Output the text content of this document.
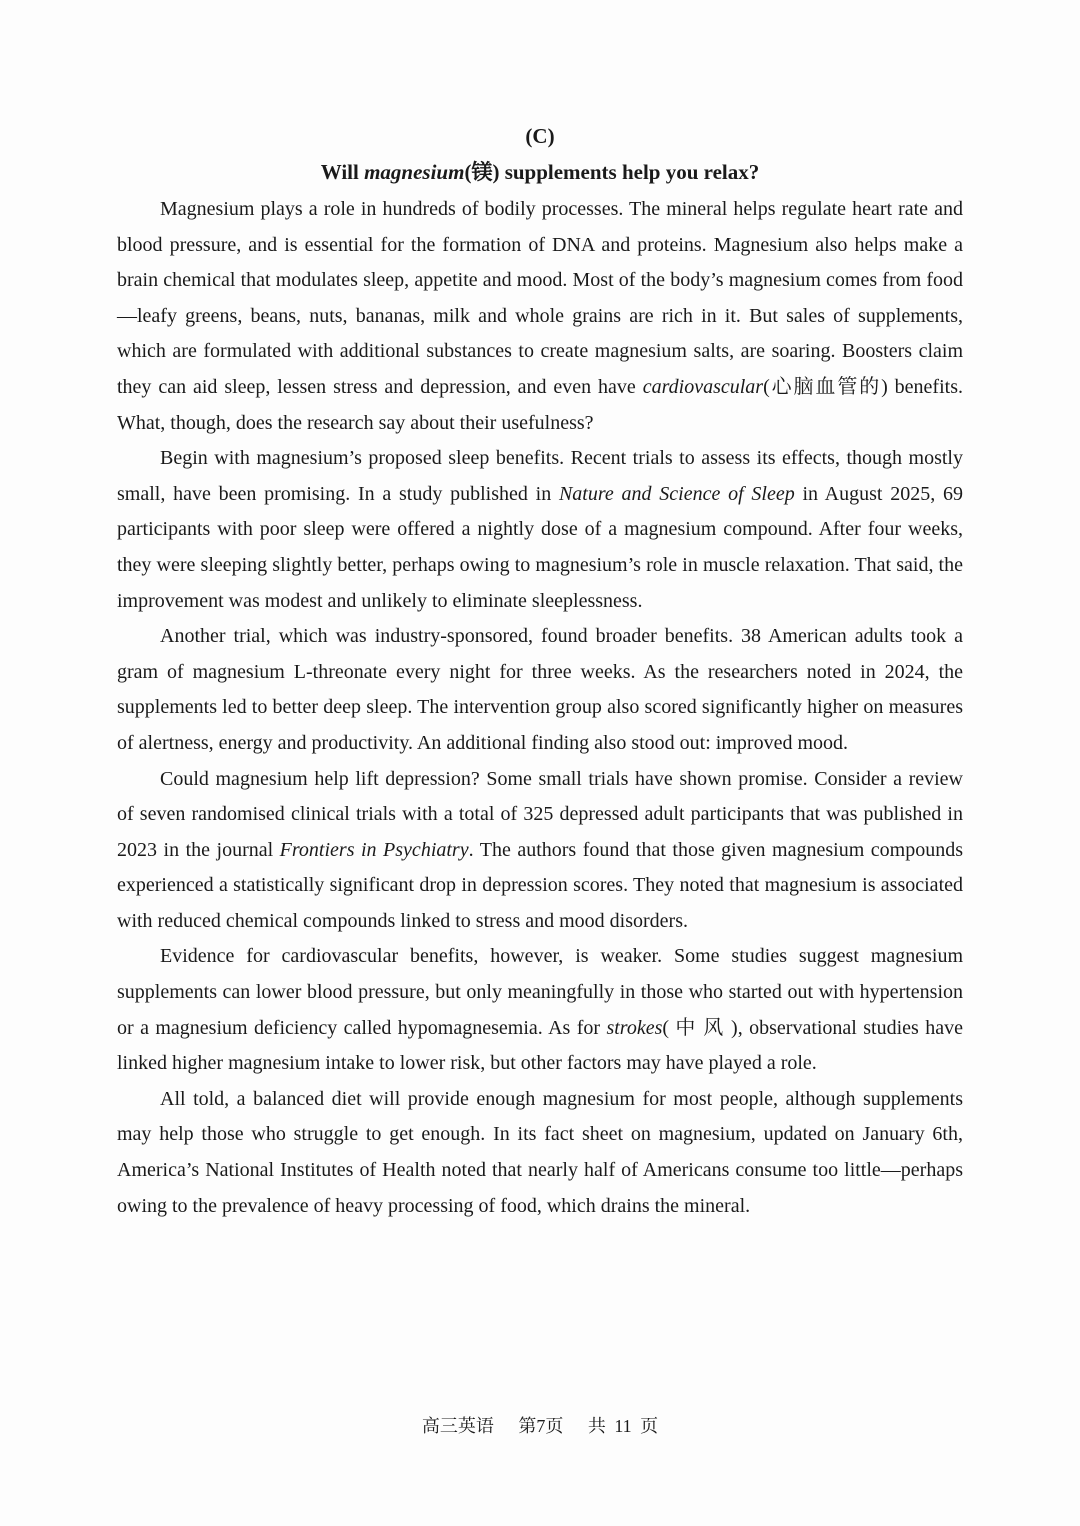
(C)
Will magnesium(镁) supplements help you relax?

Magnesium plays a role in hundreds of bodily processes. The mineral helps regulate heart rate and blood pressure, and is essential for the formation of DNA and proteins. Magnesium also helps make a brain chemical that modulates sleep, appetite and mood. Most of the body’s magnesium comes from food—leafy greens, beans, nuts, bananas, milk and whole grains are rich in it. But sales of supplements, which are formulated with additional substances to create magnesium salts, are soaring. Boosters claim they can aid sleep, lessen stress and depression, and even have cardiovascular(心脑血管的) benefits. What, though, does the research say about their usefulness?

Begin with magnesium’s proposed sleep benefits. Recent trials to assess its effects, though mostly small, have been promising. In a study published in Nature and Science of Sleep in August 2025, 69 participants with poor sleep were offered a nightly dose of a magnesium compound. After four weeks, they were sleeping slightly better, perhaps owing to magnesium’s role in muscle relaxation. That said, the improvement was modest and unlikely to eliminate sleeplessness.

Another trial, which was industry-sponsored, found broader benefits. 38 American adults took a gram of magnesium L-threonate every night for three weeks. As the researchers noted in 2024, the supplements led to better deep sleep. The intervention group also scored significantly higher on measures of alertness, energy and productivity. An additional finding also stood out: improved mood.

Could magnesium help lift depression? Some small trials have shown promise. Consider a review of seven randomised clinical trials with a total of 325 depressed adult participants that was published in 2023 in the journal Frontiers in Psychiatry. The authors found that those given magnesium compounds experienced a statistically significant drop in depression scores. They noted that magnesium is associated with reduced chemical compounds linked to stress and mood disorders.

Evidence for cardiovascular benefits, however, is weaker. Some studies suggest magnesium supplements can lower blood pressure, but only meaningfully in those who started out with hypertension or a magnesium deficiency called hypomagnesemia. As for strokes( 中 风 ), observational studies have linked higher magnesium intake to lower risk, but other factors may have played a role.

All told, a balanced diet will provide enough magnesium for most people, although supplements may help those who struggle to get enough. In its fact sheet on magnesium, updated on January 6th, America’s National Institutes of Health noted that nearly half of Americans consume too little—perhaps owing to the prevalence of heavy processing of food, which drains the mineral.

高三英语 第7页 共 11 页
